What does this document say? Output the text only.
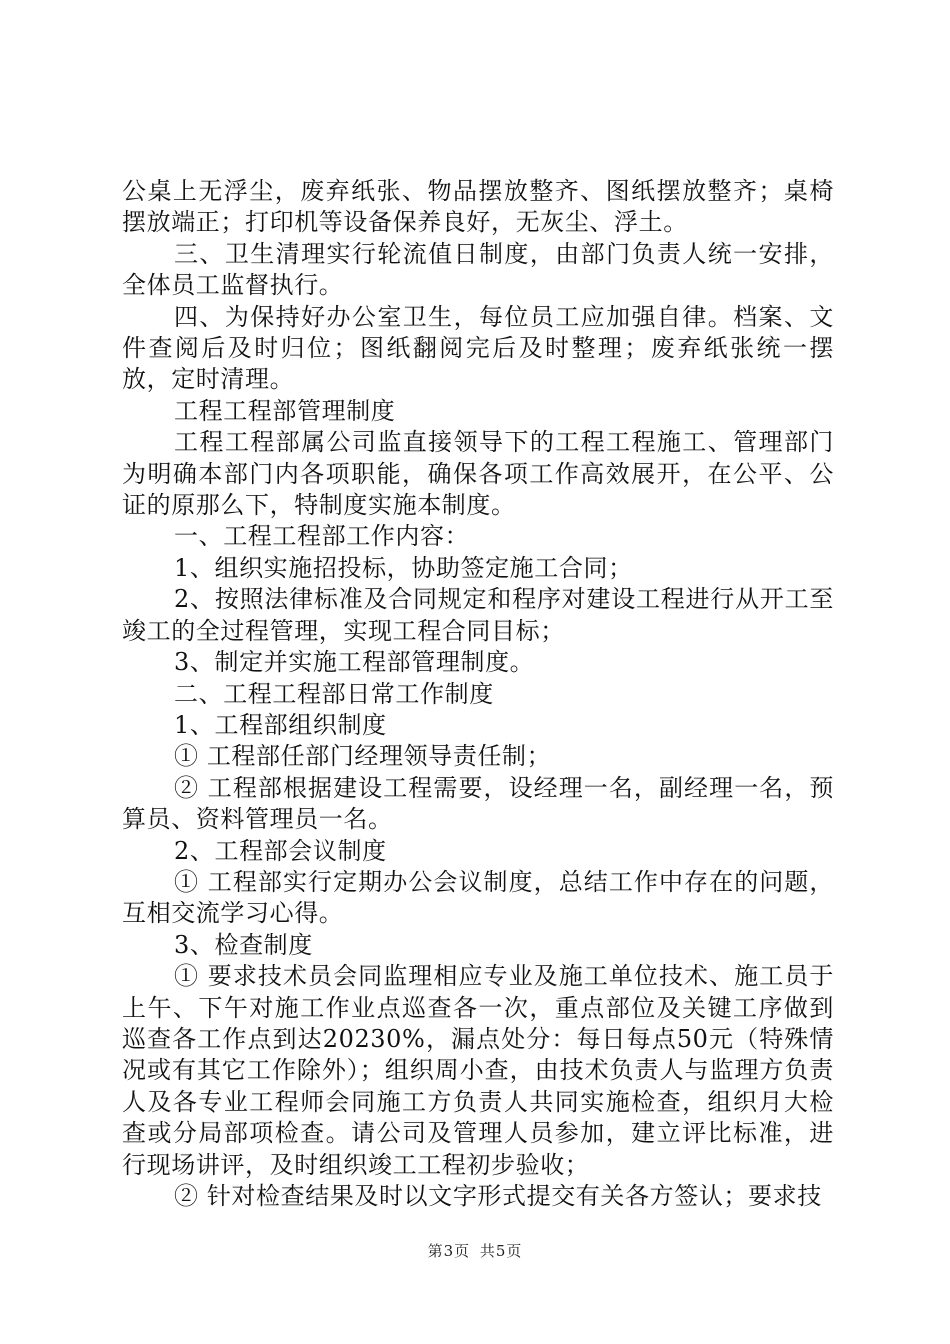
公桌上无浮尘，废弃纸张、物品摆放整齐、图纸摆放整齐；桌椅摆放端正；打印机等设备保养良好，无灰尘、浮土。

三、卫生清理实行轮流值日制度，由部门负责人统一安排，全体员工监督执行。

四、为保持好办公室卫生，每位员工应加强自律。档案、文件查阅后及时归位；图纸翻阅完后及时整理；废弃纸张统一摆放，定时清理。

工程工程部管理制度

工程工程部属公司监直接领导下的工程工程施工、管理部门为明确本部门内各项职能，确保各项工作高效展开，在公平、公证的原那么下，特制度实施本制度。

一、工程工程部工作内容：

1、组织实施招投标，协助签定施工合同；

2、按照法律标准及合同规定和程序对建设工程进行从开工至竣工的全过程管理，实现工程合同目标；

3、制定并实施工程部管理制度。

二、工程工程部日常工作制度

1、工程部组织制度

① 工程部任部门经理领导责任制；

② 工程部根据建设工程需要，设经理一名，副经理一名，预算员、资料管理员一名。

2、工程部会议制度

① 工程部实行定期办公会议制度，总结工作中存在的问题，互相交流学习心得。

3、检查制度

① 要求技术员会同监理相应专业及施工单位技术、施工员于上午、下午对施工作业点巡查各一次，重点部位及关键工序做到巡查各工作点到达20230%，漏点处分：每日每点50元（特殊情况或有其它工作除外）；组织周小查，由技术负责人与监理方负责人及各专业工程师会同施工方负责人共同实施检查，组织月大检查或分局部项检查。请公司及管理人员参加，建立评比标准，进行现场讲评，及时组织竣工工程初步验收；

② 针对检查结果及时以文字形式提交有关各方签认；要求技

第3页 共5页
